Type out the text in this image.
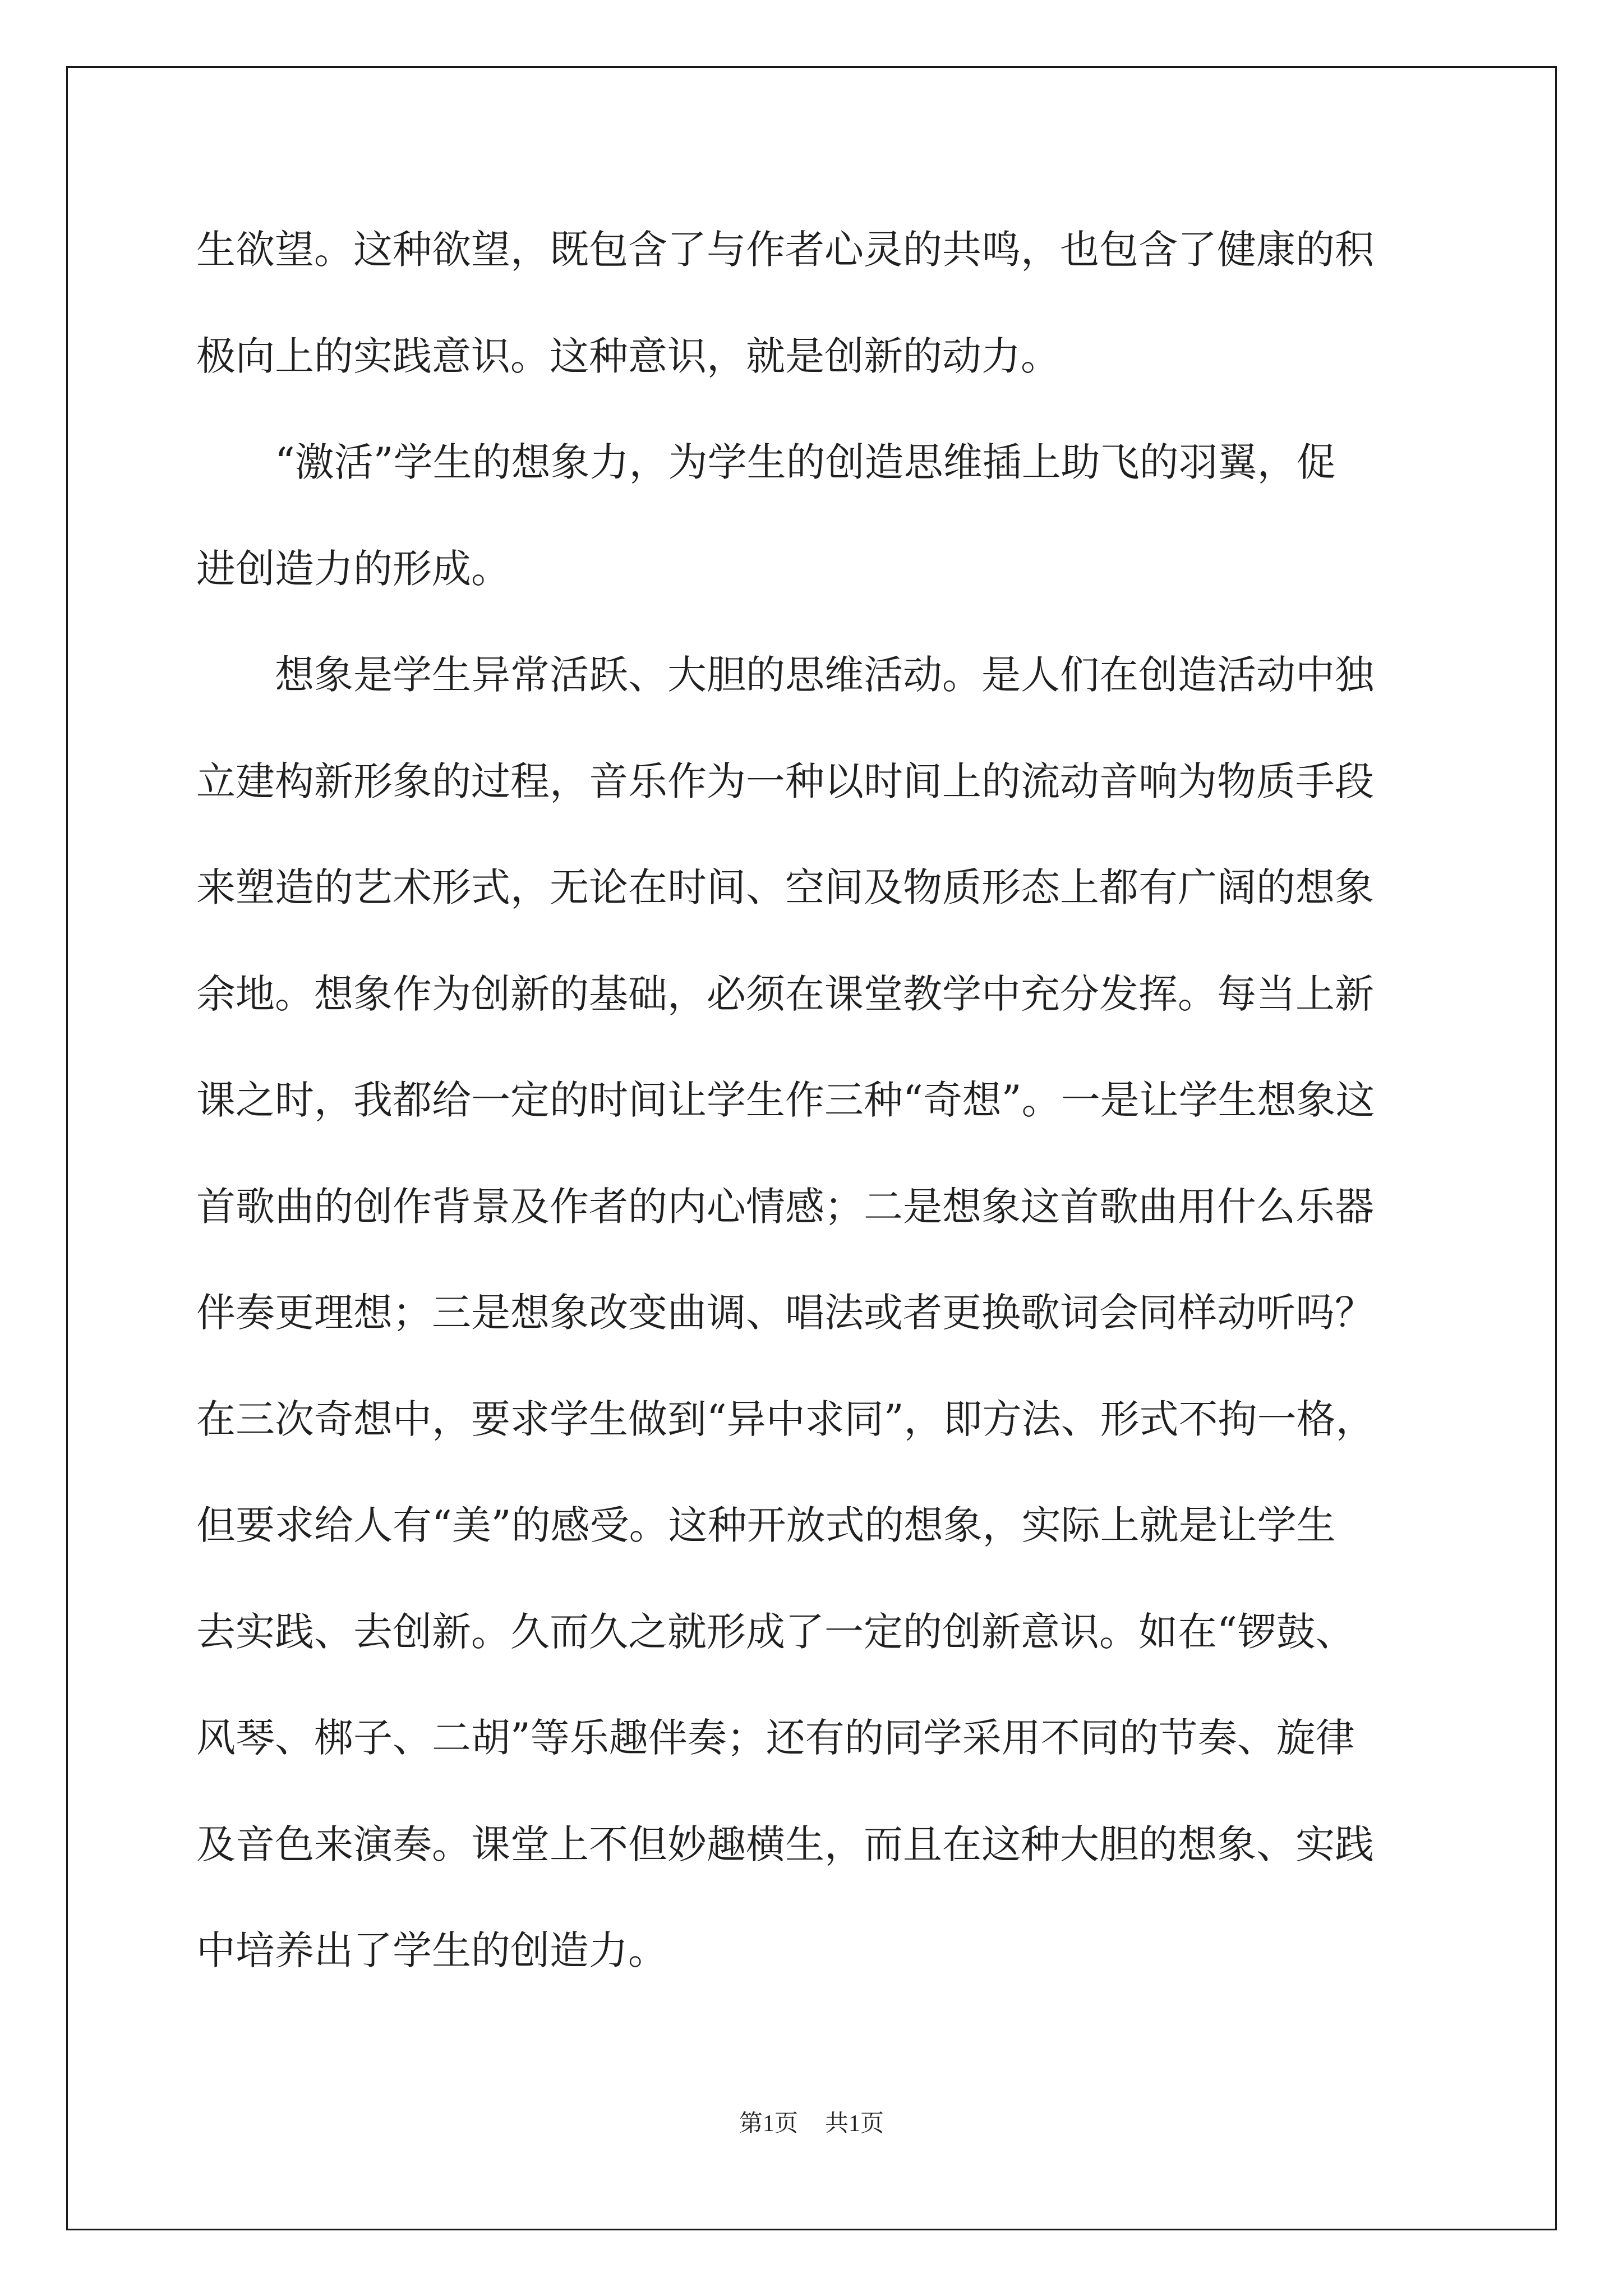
生欲望。这种欲望，既包含了与作者心灵的共鸣，也包含了健康的积
极向上的实践意识。这种意识，就是创新的动力。
　　“激活”学生的想象力，为学生的创造思维插上助飞的羽翼，促
进创造力的形成。
　　想象是学生异常活跃、大胆的思维活动。是人们在创造活动中独
立建构新形象的过程，音乐作为一种以时间上的流动音响为物质手段
来塑造的艺术形式，无论在时间、空间及物质形态上都有广阔的想象
余地。想象作为创新的基础，必须在课堂教学中充分发挥。每当上新
课之时，我都给一定的时间让学生作三种“奇想”。一是让学生想象这
首歌曲的创作背景及作者的内心情感；二是想象这首歌曲用什么乐器
伴奏更理想；三是想象改变曲调、唱法或者更换歌词会同样动听吗？
在三次奇想中，要求学生做到“异中求同”，即方法、形式不拘一格，
但要求给人有“美”的感受。这种开放式的想象，实际上就是让学生
去实践、去创新。久而久之就形成了一定的创新意识。如在“锣鼓、
风琴、梆子、二胡”等乐趣伴奏；还有的同学采用不同的节奏、旋律
及音色来演奏。课堂上不但妙趣横生，而且在这种大胆的想象、实践
中培养出了学生的创造力。
第1页 共1页
